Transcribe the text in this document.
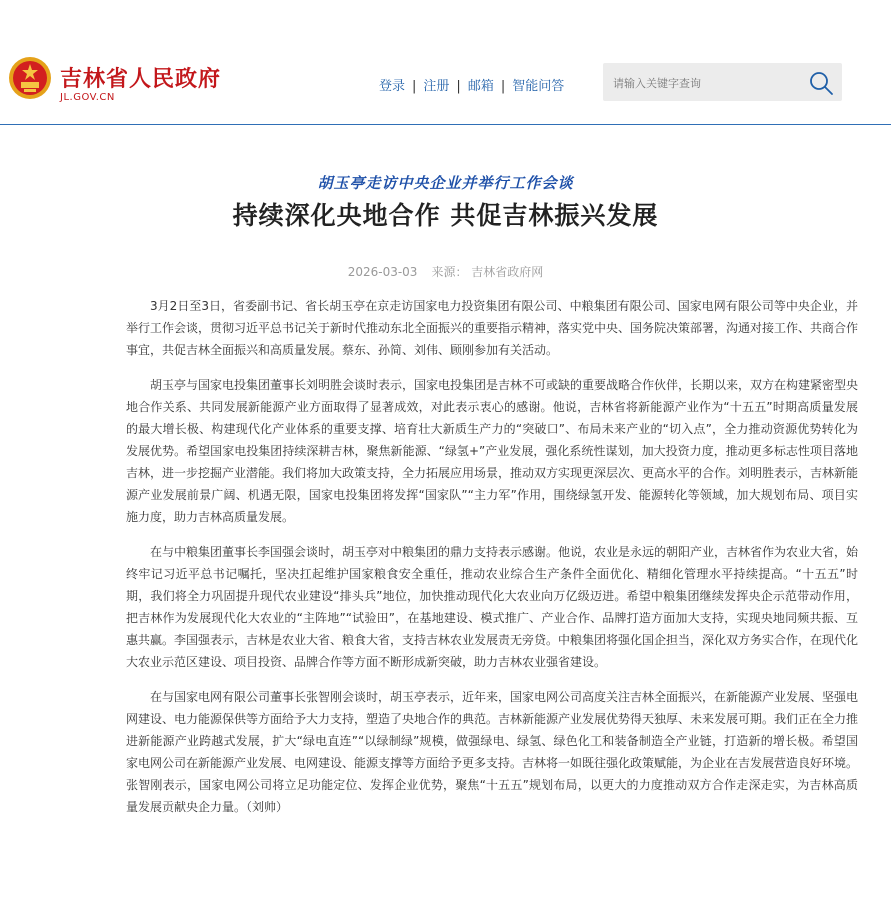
吉林省人民政府
JL.GOV.CN
登录 | 注册 | 邮箱 | 智能问答
请输入关键字查询
胡玉亭走访中央企业并举行工作会谈
持续深化央地合作 共促吉林振兴发展
2026-03-03 来源： 吉林省政府网

3月2日至3日，省委副书记、省长胡玉亭在京走访国家电力投资集团有限公司、中粮集团有限公司、国家电网有限公司等中央企业，并举行工作会谈，贯彻习近平总书记关于新时代推动东北全面振兴的重要指示精神，落实党中央、国务院决策部署，沟通对接工作、共商合作事宜，共促吉林全面振兴和高质量发展。蔡东、孙简、刘伟、顾刚参加有关活动。

胡玉亭与国家电投集团董事长刘明胜会谈时表示，国家电投集团是吉林不可或缺的重要战略合作伙伴，长期以来，双方在构建紧密型央地合作关系、共同发展新能源产业方面取得了显著成效，对此表示衷心的感谢。他说，吉林省将新能源产业作为“十五五”时期高质量发展的最大增长极、构建现代化产业体系的重要支撑、培育壮大新质生产力的“突破口”、布局未来产业的“切入点”，全力推动资源优势转化为发展优势。希望国家电投集团持续深耕吉林，聚焦新能源、“绿氢+”产业发展，强化系统性谋划，加大投资力度，推动更多标志性项目落地吉林，进一步挖掘产业潜能。我们将加大政策支持，全力拓展应用场景，推动双方实现更深层次、更高水平的合作。刘明胜表示，吉林新能源产业发展前景广阔、机遇无限，国家电投集团将发挥“国家队”“主力军”作用，围绕绿氢开发、能源转化等领域，加大规划布局、项目实施力度，助力吉林高质量发展。

在与中粮集团董事长李国强会谈时，胡玉亭对中粮集团的鼎力支持表示感谢。他说，农业是永远的朝阳产业，吉林省作为农业大省，始终牢记习近平总书记嘱托，坚决扛起维护国家粮食安全重任，推动农业综合生产条件全面优化、精细化管理水平持续提高。“十五五”时期，我们将全力巩固提升现代农业建设“排头兵”地位，加快推动现代化大农业向万亿级迈进。希望中粮集团继续发挥央企示范带动作用，把吉林作为发展现代化大农业的“主阵地”“试验田”，在基地建设、模式推广、产业合作、品牌打造方面加大支持，实现央地同频共振、互惠共赢。李国强表示，吉林是农业大省、粮食大省，支持吉林农业发展责无旁贷。中粮集团将强化国企担当，深化双方务实合作，在现代化大农业示范区建设、项目投资、品牌合作等方面不断形成新突破，助力吉林农业强省建设。

在与国家电网有限公司董事长张智刚会谈时，胡玉亭表示，近年来，国家电网公司高度关注吉林全面振兴，在新能源产业发展、坚强电网建设、电力能源保供等方面给予大力支持，塑造了央地合作的典范。吉林新能源产业发展优势得天独厚、未来发展可期。我们正在全力推进新能源产业跨越式发展，扩大“绿电直连”“以绿制绿”规模，做强绿电、绿氢、绿色化工和装备制造全产业链，打造新的增长极。希望国家电网公司在新能源产业发展、电网建设、能源支撑等方面给予更多支持。吉林将一如既往强化政策赋能，为企业在吉发展营造良好环境。张智刚表示，国家电网公司将立足功能定位、发挥企业优势，聚焦“十五五”规划布局，以更大的力度推动双方合作走深走实，为吉林高质量发展贡献央企力量。（刘帅）
